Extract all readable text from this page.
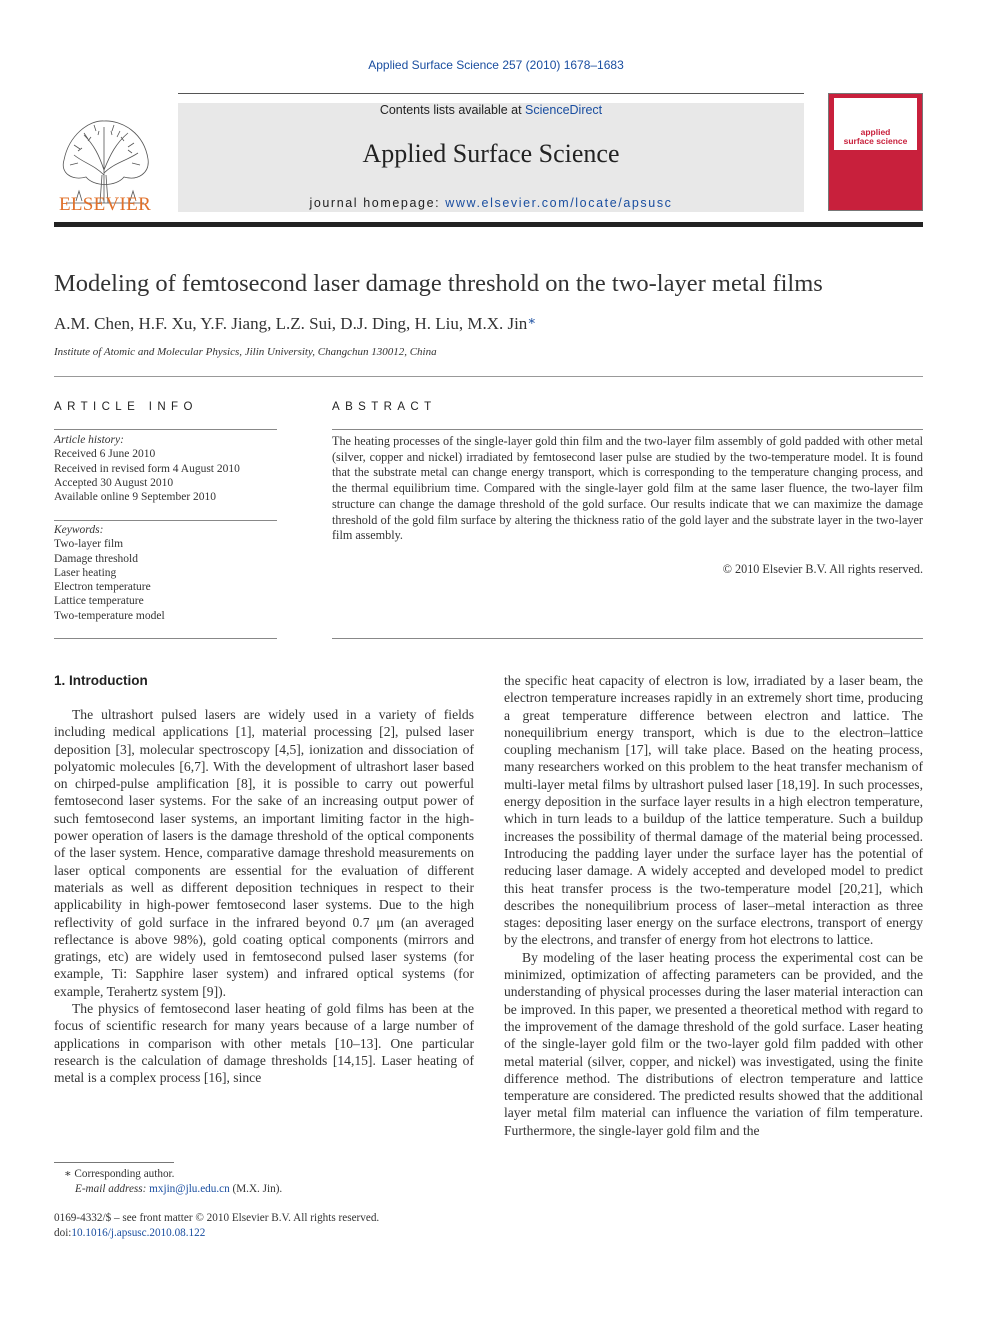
Applied Surface Science 257 (2010) 1678–1683
ELSEVIER
Contents lists available at ScienceDirect
Applied Surface Science
journal homepage: www.elsevier.com/locate/apsusc
applied
surface science
Modeling of femtosecond laser damage threshold on the two-layer metal films
A.M. Chen, H.F. Xu, Y.F. Jiang, L.Z. Sui, D.J. Ding, H. Liu, M.X. Jin∗
Institute of Atomic and Molecular Physics, Jilin University, Changchun 130012, China
ARTICLE INFO	ABSTRACT
Article history:
Received 6 June 2010
Received in revised form 4 August 2010
Accepted 30 August 2010
Available online 9 September 2010
Keywords:
Two-layer film
Damage threshold
Laser heating
Electron temperature
Lattice temperature
Two-temperature model
The heating processes of the single-layer gold thin film and the two-layer film assembly of gold padded with other metal (silver, copper and nickel) irradiated by femtosecond laser pulse are studied by the two-temperature model. It is found that the substrate metal can change energy transport, which is corresponding to the temperature changing process, and the thermal equilibrium time. Compared with the single-layer gold film at the same laser fluence, the two-layer film structure can change the damage threshold of the gold surface. Our results indicate that we can maximize the damage threshold of the gold film surface by altering the thickness ratio of the gold layer and the substrate layer in the two-layer film assembly.
© 2010 Elsevier B.V. All rights reserved.
1. Introduction

The ultrashort pulsed lasers are widely used in a variety of fields including medical applications [1], material processing [2], pulsed laser deposition [3], molecular spectroscopy [4,5], ionization and dissociation of polyatomic molecules [6,7]. With the development of ultrashort laser based on chirped-pulse amplification [8], it is possible to carry out powerful femtosecond laser systems. For the sake of an increasing output power of such femtosecond laser systems, an important limiting factor in the high-power operation of lasers is the damage threshold of the optical components of the laser system. Hence, comparative damage threshold measurements on laser optical components are essential for the evaluation of different materials as well as different deposition techniques in respect to their applicability in high-power femtosecond laser systems. Due to the high reflectivity of gold surface in the infrared beyond 0.7 μm (an averaged reflectance is above 98%), gold coating optical components (mirrors and gratings, etc) are widely used in femtosecond pulsed laser systems (for example, Ti: Sapphire laser system) and infrared optical systems (for example, Terahertz system [9]).

The physics of femtosecond laser heating of gold films has been at the focus of scientific research for many years because of a large number of applications in comparison with other metals [10–13]. One particular research is the calculation of damage thresholds [14,15]. Laser heating of metal is a complex process [16], since

the specific heat capacity of electron is low, irradiated by a laser beam, the electron temperature increases rapidly in an extremely short time, producing a great temperature difference between electron and lattice. The nonequilibrium energy transport, which is due to the electron–lattice coupling mechanism [17], will take place. Based on the heating process, many researchers worked on this problem to the heat transfer mechanism of multi-layer metal films by ultrashort pulsed laser [18,19]. In such processes, energy deposition in the surface layer results in a high electron temperature, which in turn leads to a buildup of the lattice temperature. Such a buildup increases the possibility of thermal damage of the material being processed. Introducing the padding layer under the surface layer has the potential of reducing laser damage. A widely accepted and developed model to predict this heat transfer process is the two-temperature model [20,21], which describes the nonequilibrium process of laser–metal interaction as three stages: depositing laser energy on the surface electrons, transport of energy by the electrons, and transfer of energy from hot electrons to lattice.

By modeling of the laser heating process the experimental cost can be minimized, optimization of affecting parameters can be provided, and the understanding of physical processes during the laser material interaction can be improved. In this paper, we presented a theoretical method with regard to the improvement of the damage threshold of the gold surface. Laser heating of the single-layer gold film or the two-layer gold film padded with other metal material (silver, copper, and nickel) was investigated, using the finite difference method. The distributions of electron temperature and lattice temperature are considered. The predicted results showed that the additional layer metal film material can influence the variation of film temperature. Furthermore, the single-layer gold film and the

∗ Corresponding author.
E-mail address: mxjin@jlu.edu.cn (M.X. Jin).
0169-4332/$ – see front matter © 2010 Elsevier B.V. All rights reserved.
doi:10.1016/j.apsusc.2010.08.122
